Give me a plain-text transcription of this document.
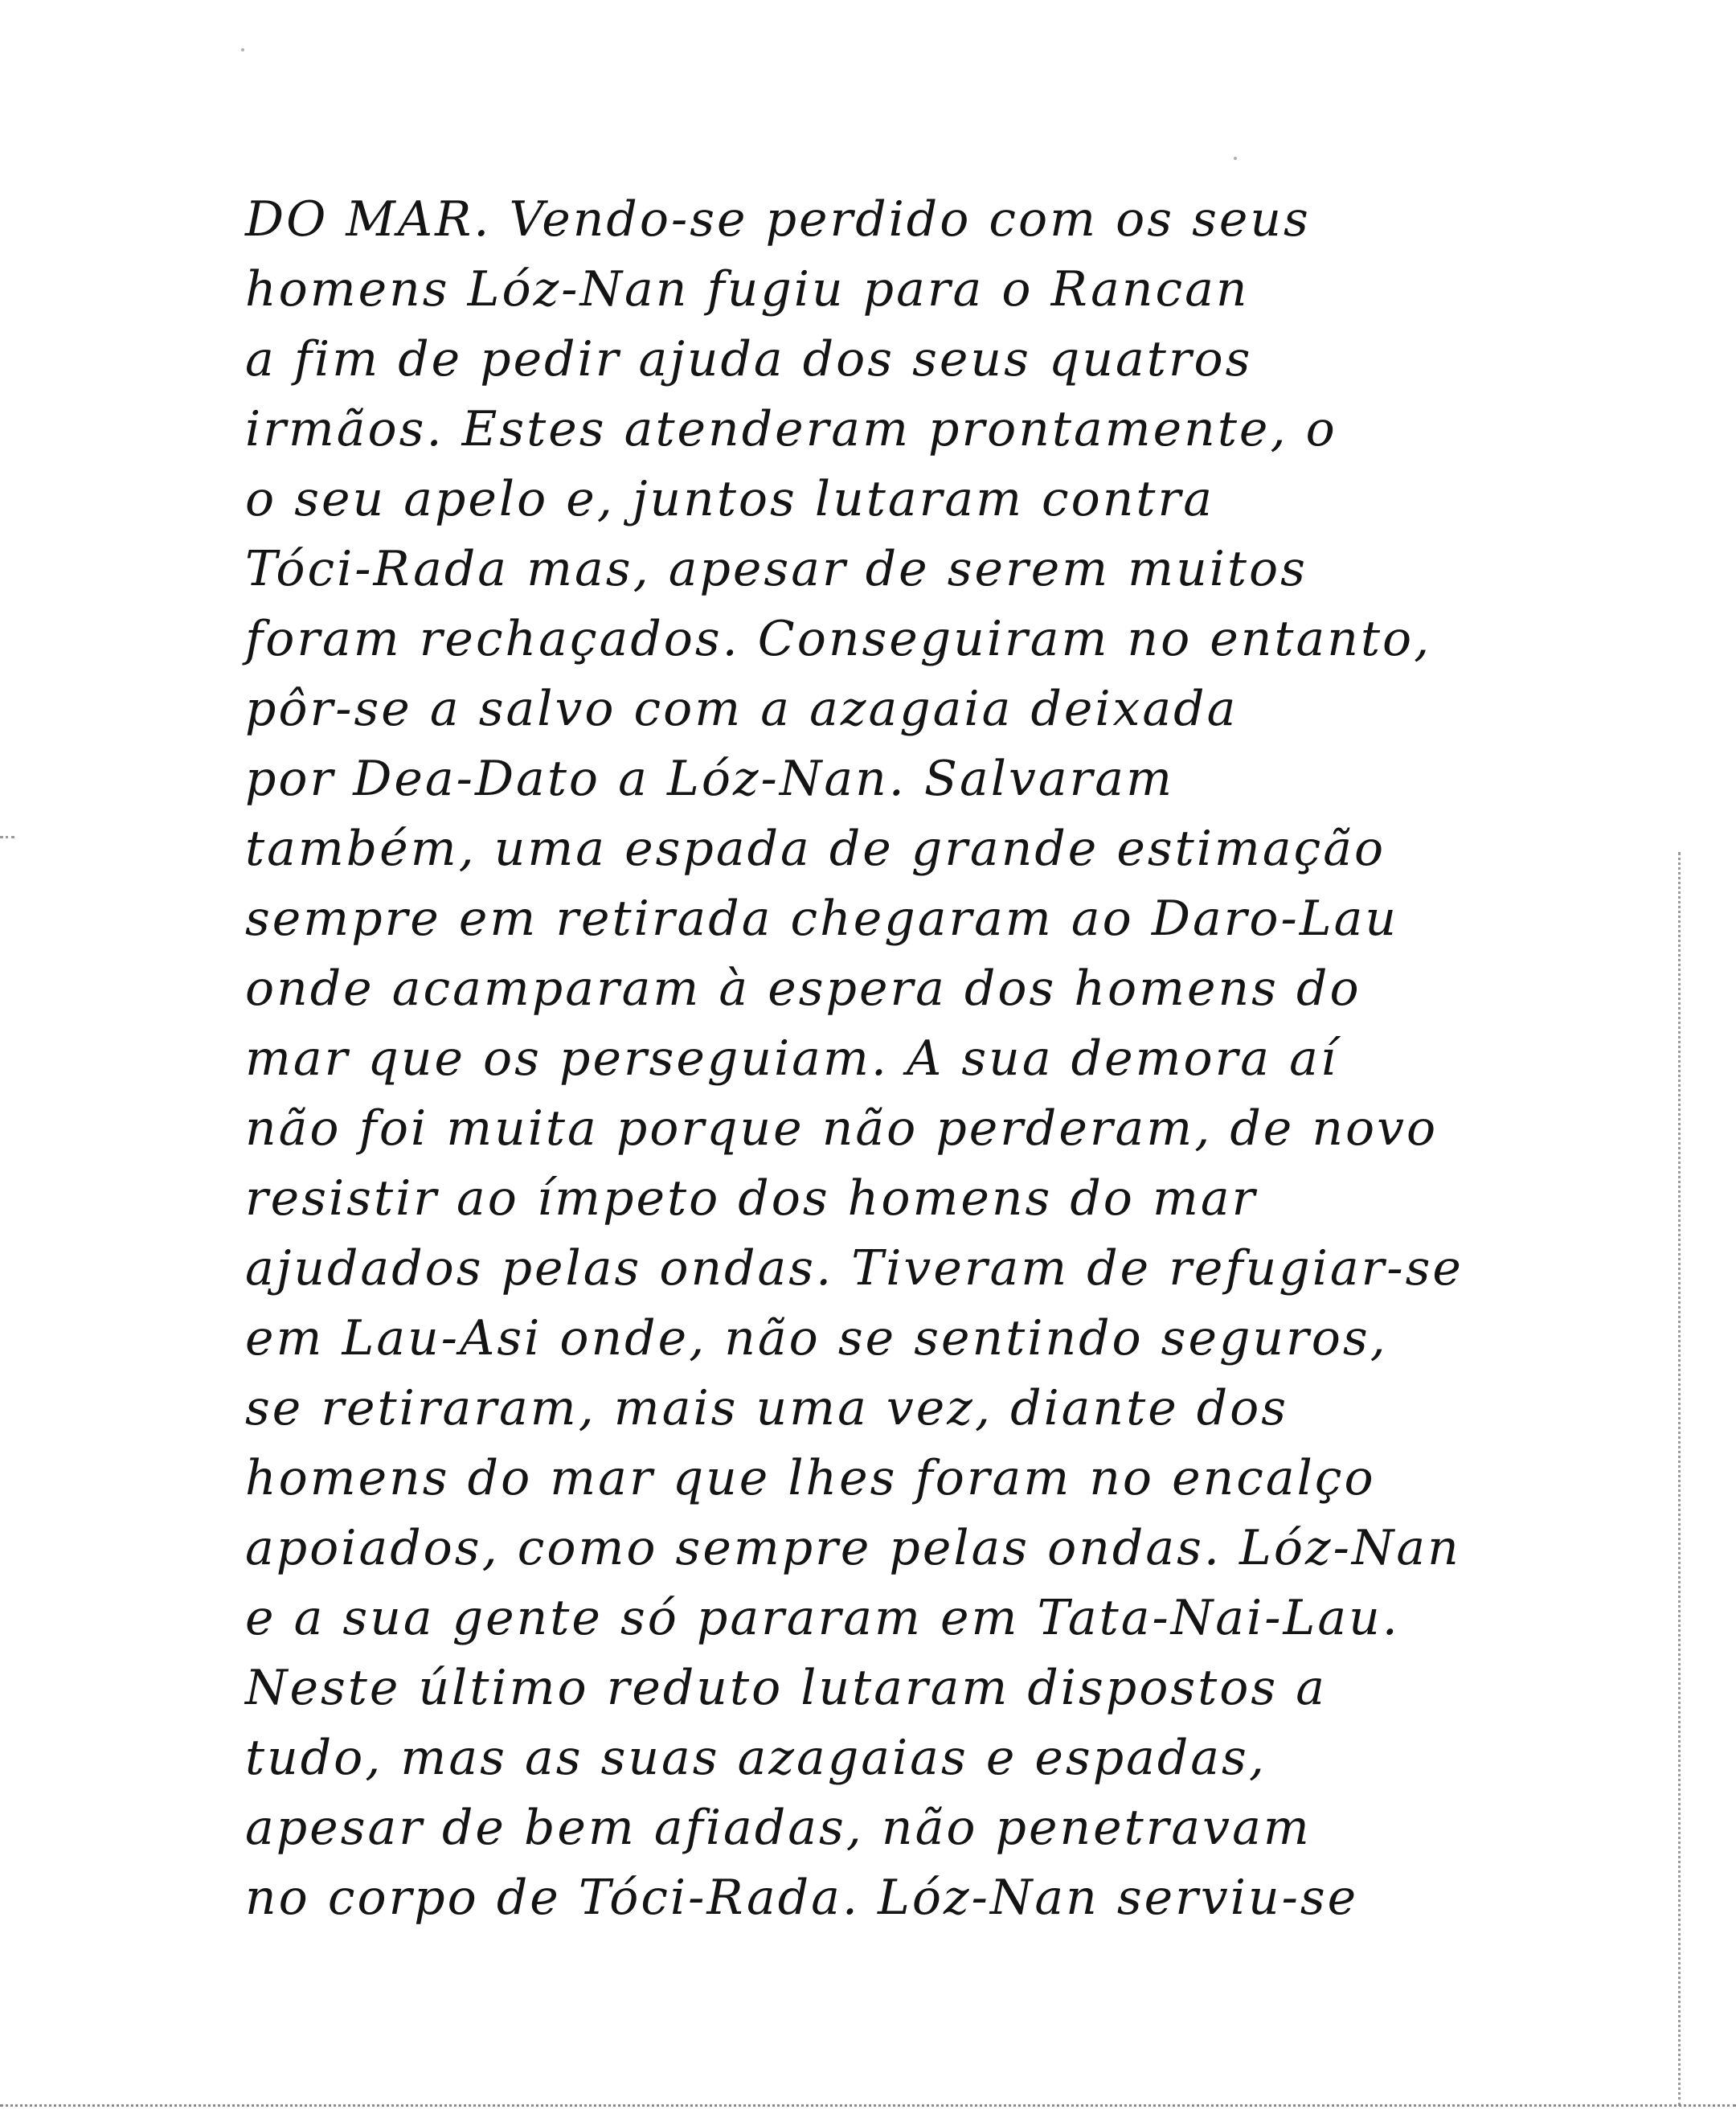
DO MAR. Vendo-se perdido com os seus
homens Lóz-Nan fugiu para o Rancan
a fim de pedir ajuda dos seus quatros
irmãos. Estes atenderam prontamente, o
o seu apelo e, juntos lutaram contra
Tóci-Rada mas, apesar de serem muitos
foram rechaçados. Conseguiram no entanto,
pôr-se a salvo com a azagaia deixada
por Dea-Dato a Lóz-Nan. Salvaram
também, uma espada de grande estimação
sempre em retirada chegaram ao Daro-Lau
onde acamparam à espera dos homens do
mar que os perseguiam. A sua demora aí
não foi muita porque não perderam, de novo
resistir ao ímpeto dos homens do mar
ajudados pelas ondas. Tiveram de refugiar-se
em Lau-Asi onde, não se sentindo seguros,
se retiraram, mais uma vez, diante dos
homens do mar que lhes foram no encalço
apoiados, como sempre pelas ondas. Lóz-Nan
e a sua gente só pararam em Tata-Nai-Lau.
Neste último reduto lutaram dispostos a
tudo, mas as suas azagaias e espadas,
apesar de bem afiadas, não penetravam
no corpo de Tóci-Rada. Lóz-Nan serviu-se
